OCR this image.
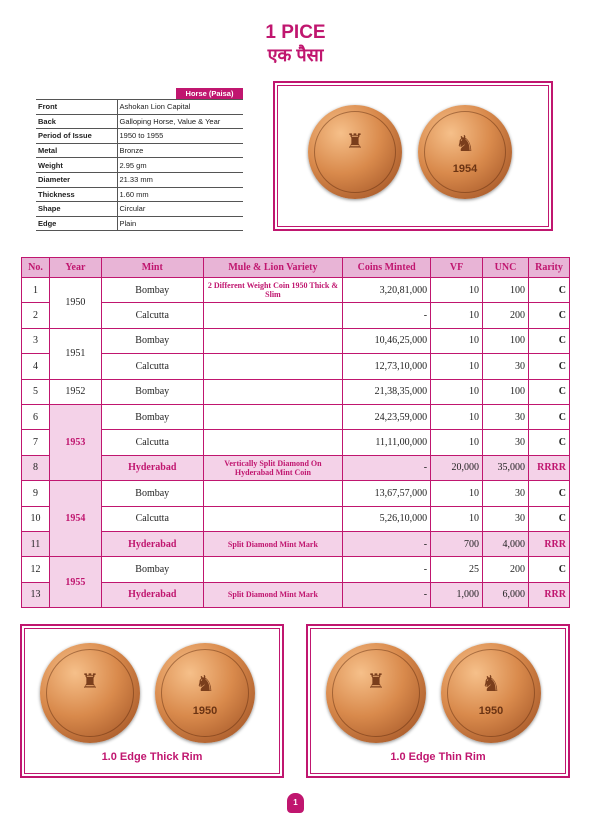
1 PICE
एक पैसा
Horse (Paisa)
Front	Ashokan Lion Capital
Back	Galloping Horse, Value & Year
Period of Issue	1950 to 1955
Metal	Bronze
Weight	2.95 gm
Diameter	21.33 mm
Thickness	1.60 mm
Shape	Circular
Edge	Plain
♜	♞
1954
No.	Year	Mint	Mule & Lion Variety	Coins Minted	VF	UNC	Rarity
1	1950	Bombay	2 Different Weight Coin 1950 Thick & Slim	3,20,81,000	10	100	C
2		Calcutta		-	10	200	C
3	1951	Bombay		10,46,25,000	10	100	C
4		Calcutta		12,73,10,000	10	30	C
5	1952	Bombay		21,38,35,000	10	100	C
6	1953	Bombay		24,23,59,000	10	30	C
7		Calcutta		11,11,00,000	10	30	C
8		Hyderabad	Vertically Split Diamond On Hyderabad Mint Coin	-	20,000	35,000	RRRR
9	1954	Bombay		13,67,57,000	10	30	C
10		Calcutta		5,26,10,000	10	30	C
11		Hyderabad	Split Diamond Mint Mark	-	700	4,000	RRR
12	1955	Bombay		-	25	200	C
13		Hyderabad	Split Diamond Mint Mark	-	1,000	6,000	RRR
♜	♞
1950
1.0 Edge Thick Rim
♜	♞
1950
1.0 Edge Thin Rim
1
